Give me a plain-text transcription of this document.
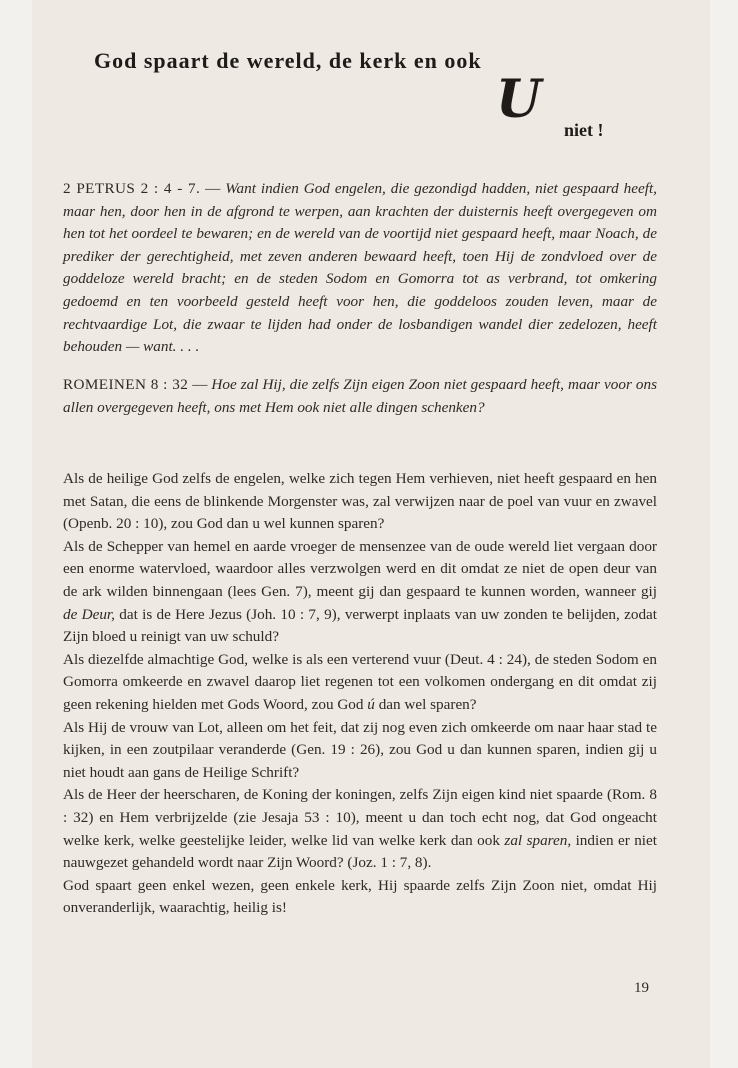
God spaart de wereld, de kerk en ook
U niet !

2 PETRUS 2 : 4 - 7. — Want indien God engelen, die gezondigd hadden, niet gespaard heeft, maar hen, door hen in de afgrond te werpen, aan krachten der duisternis heeft overgegeven om hen tot het oordeel te bewaren; en de wereld van de voortijd niet gespaard heeft, maar Noach, de prediker der gerechtigheid, met zeven anderen bewaard heeft, toen Hij de zondvloed over de goddeloze wereld bracht; en de steden Sodom en Gomorra tot as verbrand, tot omkering gedoemd en ten voorbeeld gesteld heeft voor hen, die goddeloos zouden leven, maar de rechtvaardige Lot, die zwaar te lijden had onder de losbandigen wandel dier zedelozen, heeft behouden — want. . . .

ROMEINEN 8 : 32 — Hoe zal Hij, die zelfs Zijn eigen Zoon niet gespaard heeft, maar voor ons allen overgegeven heeft, ons met Hem ook niet alle dingen schenken?

Als de heilige God zelfs de engelen, welke zich tegen Hem verhieven, niet heeft gespaard en hen met Satan, die eens de blinkende Morgenster was, zal verwijzen naar de poel van vuur en zwavel (Openb. 20 : 10), zou God dan u wel kunnen sparen?

Als de Schepper van hemel en aarde vroeger de mensenzee van de oude wereld liet vergaan door een enorme watervloed, waardoor alles verzwolgen werd en dit omdat ze niet de open deur van de ark wilden binnengaan (lees Gen. 7), meent gij dan gespaard te kunnen worden, wanneer gij de Deur, dat is de Here Jezus (Joh. 10 : 7, 9), verwerpt inplaats van uw zonden te belijden, zodat Zijn bloed u reinigt van uw schuld?

Als diezelfde almachtige God, welke is als een verterend vuur (Deut. 4 : 24), de steden Sodom en Gomorra omkeerde en zwavel daarop liet regenen tot een volkomen ondergang en dit omdat zij geen rekening hielden met Gods Woord, zou God ú dan wel sparen?

Als Hij de vrouw van Lot, alleen om het feit, dat zij nog even zich omkeerde om naar haar stad te kijken, in een zoutpilaar veranderde (Gen. 19 : 26), zou God u dan kunnen sparen, indien gij u niet houdt aan gans de Heilige Schrift?

Als de Heer der heerscharen, de Koning der koningen, zelfs Zijn eigen kind niet spaarde (Rom. 8 : 32) en Hem verbrijzelde (zie Jesaja 53 : 10), meent u dan toch echt nog, dat God ongeacht welke kerk, welke geestelijke leider, welke lid van welke kerk dan ook zal sparen, indien er niet nauwgezet gehandeld wordt naar Zijn Woord? (Joz. 1 : 7, 8).

God spaart geen enkel wezen, geen enkele kerk, Hij spaarde zelfs Zijn Zoon niet, omdat Hij onveranderlijk, waarachtig, heilig is!

19
